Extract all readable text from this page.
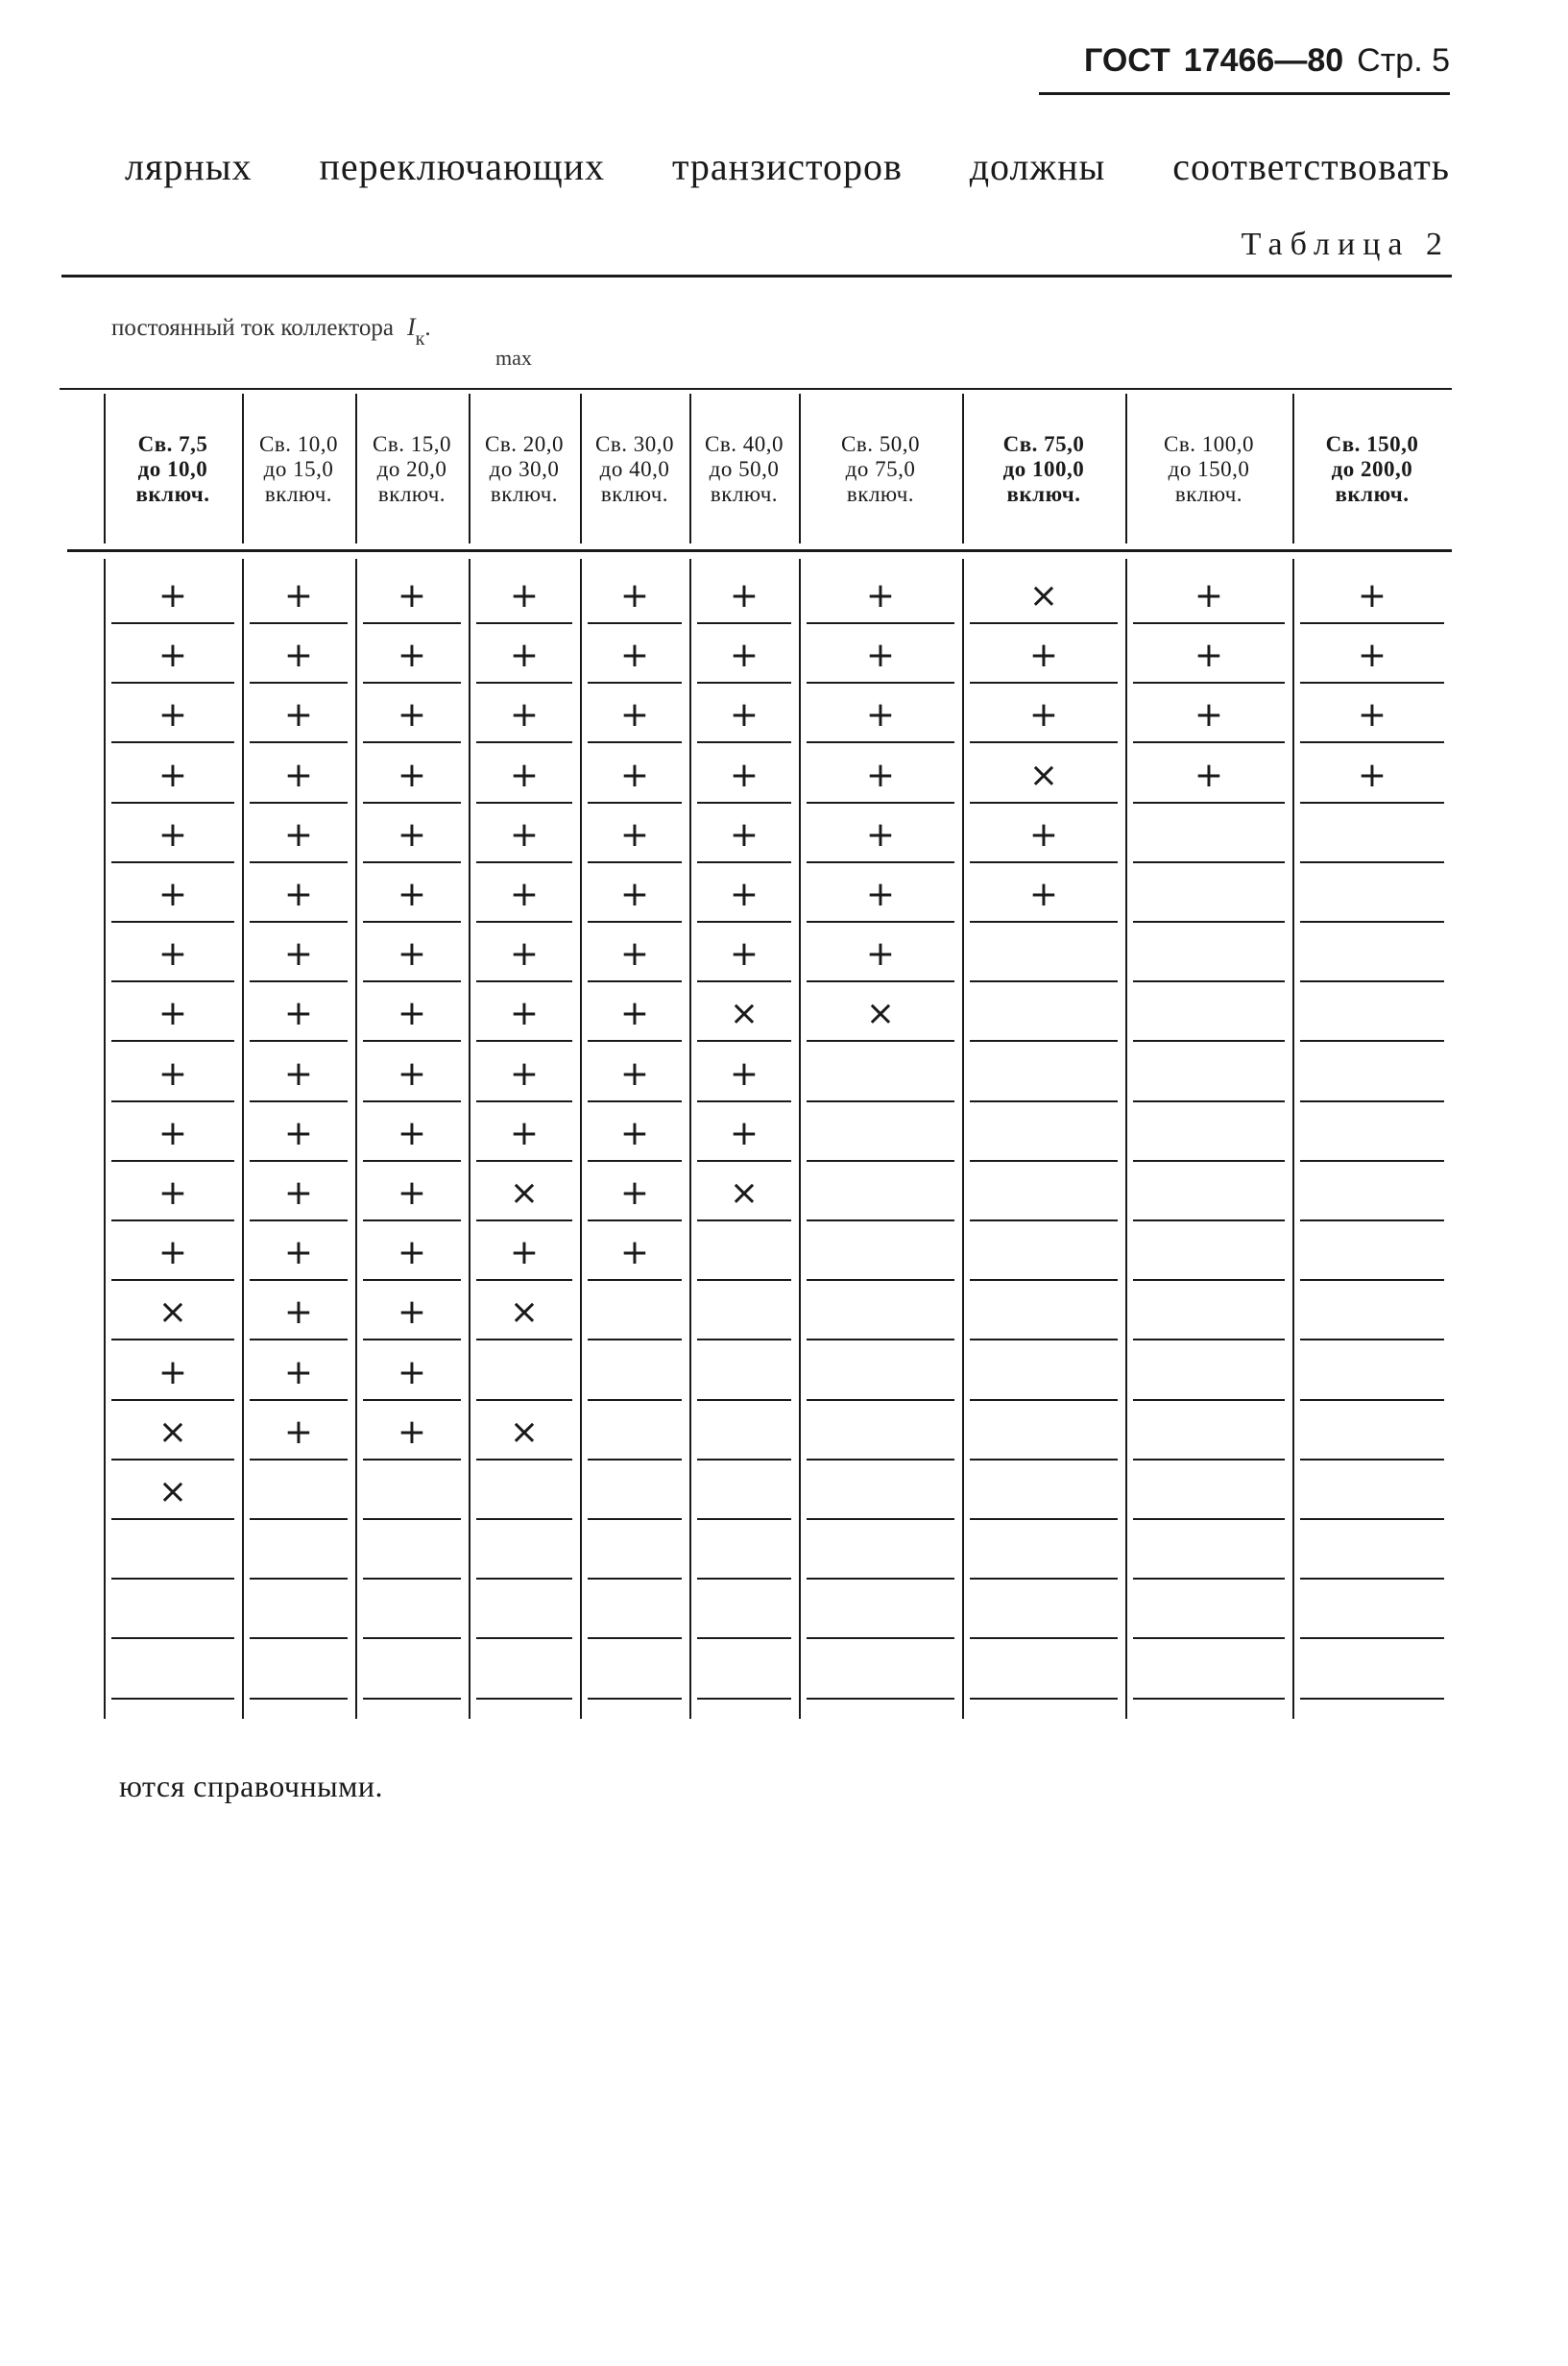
ГОСТ 17466—80 Стр. 5
лярных переключающих транзисторов должны соответствовать
Таблица 2
постоянный ток коллектора $I_к$.
max
Св. 7,5
до 10,0
включ.
Св. 10,0
до 15,0
включ.
Св. 15,0
до 20,0
включ.
Св. 20,0
до 30,0
включ.
Св. 30,0
до 40,0
включ.
Св. 40,0
до 50,0
включ.
Св. 50,0
до 75,0
включ.
Св. 75,0
до 100,0
включ.
Св. 100,0
до 150,0
включ.
Св. 150,0
до 200,0
включ.
+	+	+	+	+	+	+	×	+	+
+	+	+	+	+	+	+	+	+	+
+	+	+	+	+	+	+	+	+	+
+	+	+	+	+	+	+	×	+	+
+	+	+	+	+	+	+	+
+	+	+	+	+	+	+	+
+	+	+	+	+	+	+
+	+	+	+	+	×	×
+	+	+	+	+	+
+	+	+	+	+	+
+	+	+	×	+	×
+	+	+	+	+
×	+	+	×
+	+	+
×	+	+	×
×
ются справочными.
